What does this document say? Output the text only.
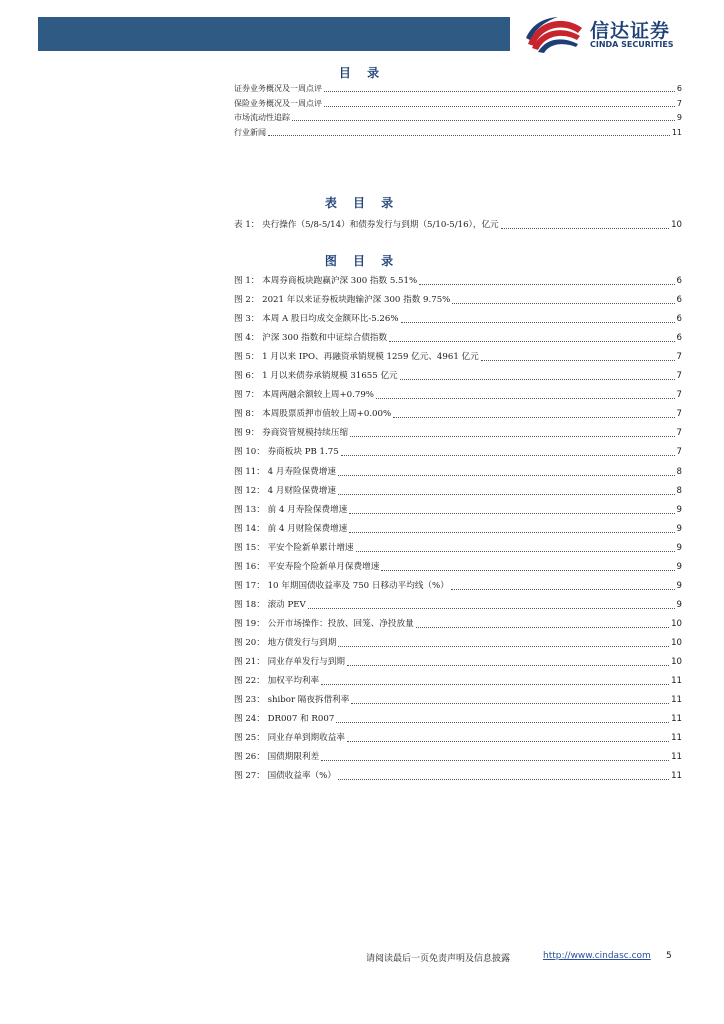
信达证券
CINDA SECURITIES
目 录
证券业务概况及一周点评	6
保险业务概况及一周点评	7
市场流动性追踪	9
行业新闻	11
表 目 录
表 1： 央行操作（5/8-5/14）和债券发行与到期（5/10-5/16），亿元	10
图 目 录
图 1： 本周券商板块跑赢沪深 300 指数 5.51%	6
图 2： 2021 年以来证券板块跑输沪深 300 指数 9.75%	6
图 3： 本周 A 股日均成交金额环比-5.26%	6
图 4： 沪深 300 指数和中证综合债指数	6
图 5： 1 月以来 IPO、再融资承销规模 1259 亿元、4961 亿元	7
图 6： 1 月以来债券承销规模 31655 亿元	7
图 7： 本周两融余额较上周+0.79%	7
图 8： 本周股票质押市值较上周+0.00%	7
图 9： 券商资管规模持续压缩	7
图 10： 券商板块 PB 1.75	7
图 11： 4 月寿险保费增速	8
图 12： 4 月财险保费增速	8
图 13： 前 4 月寿险保费增速	9
图 14： 前 4 月财险保费增速	9
图 15： 平安个险新单累计增速	9
图 16： 平安寿险个险新单月保费增速	9
图 17： 10 年期国债收益率及 750 日移动平均线（%）	9
图 18： 滚动 PEV	9
图 19： 公开市场操作：投放、回笼、净投放量	10
图 20： 地方债发行与到期	10
图 21： 同业存单发行与到期	10
图 22： 加权平均利率	11
图 23： shibor 隔夜拆借利率	11
图 24： DR007 和 R007	11
图 25： 同业存单到期收益率	11
图 26： 国债期限利差	11
图 27： 国债收益率（%）	11
请阅读最后一页免责声明及信息披露	http://www.cindasc.com 5
